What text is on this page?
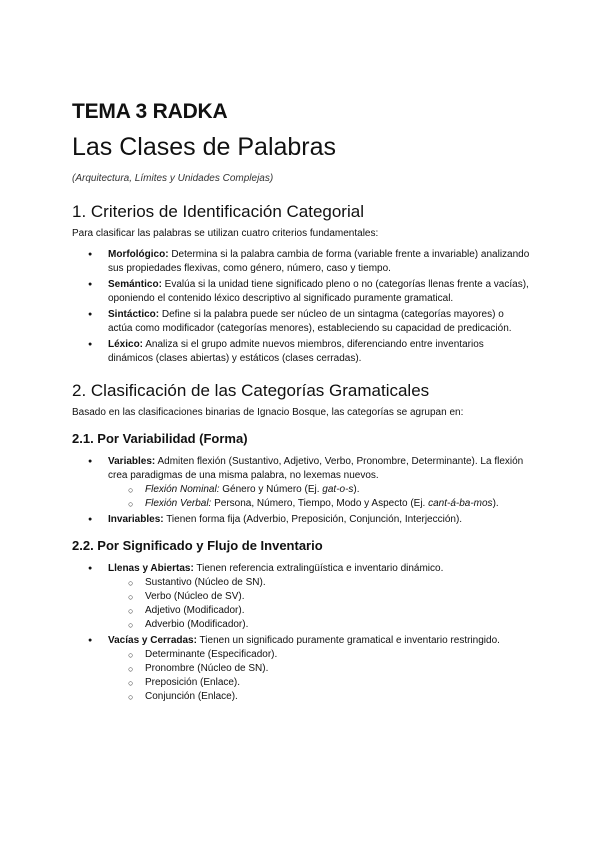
TEMA 3 RADKA
Las Clases de Palabras
(Arquitectura, Límites y Unidades Complejas)
1. Criterios de Identificación Categorial

Para clasificar las palabras se utilizan cuatro criterios fundamentales:

● Morfológico: Determina si la palabra cambia de forma (variable frente a invariable) analizando sus propiedades flexivas, como género, número, caso y tiempo.
● Semántico: Evalúa si la unidad tiene significado pleno o no (categorías llenas frente a vacías), oponiendo el contenido léxico descriptivo al significado puramente gramatical.
● Sintáctico: Define si la palabra puede ser núcleo de un sintagma (categorías mayores) o actúa como modificador (categorías menores), estableciendo su capacidad de predicación.
● Léxico: Analiza si el grupo admite nuevos miembros, diferenciando entre inventarios dinámicos (clases abiertas) y estáticos (clases cerradas).
2. Clasificación de las Categorías Gramaticales

Basado en las clasificaciones binarias de Ignacio Bosque, las categorías se agrupan en:

2.1. Por Variabilidad (Forma)
● Variables: Admiten flexión (Sustantivo, Adjetivo, Verbo, Pronombre, Determinante). La flexión crea paradigmas de una misma palabra, no lexemas nuevos.
○ Flexión Nominal: Género y Número (Ej. gat-o-s).
○ Flexión Verbal: Persona, Número, Tiempo, Modo y Aspecto (Ej. cant-á-ba-mos).
● Invariables: Tienen forma fija (Adverbio, Preposición, Conjunción, Interjección).
2.2. Por Significado y Flujo de Inventario
● Llenas y Abiertas: Tienen referencia extralingüística e inventario dinámico.
○ Sustantivo (Núcleo de SN).
○ Verbo (Núcleo de SV).
○ Adjetivo (Modificador).
○ Adverbio (Modificador).
● Vacías y Cerradas: Tienen un significado puramente gramatical e inventario restringido.
○ Determinante (Especificador).
○ Pronombre (Núcleo de SN).
○ Preposición (Enlace).
○ Conjunción (Enlace).
